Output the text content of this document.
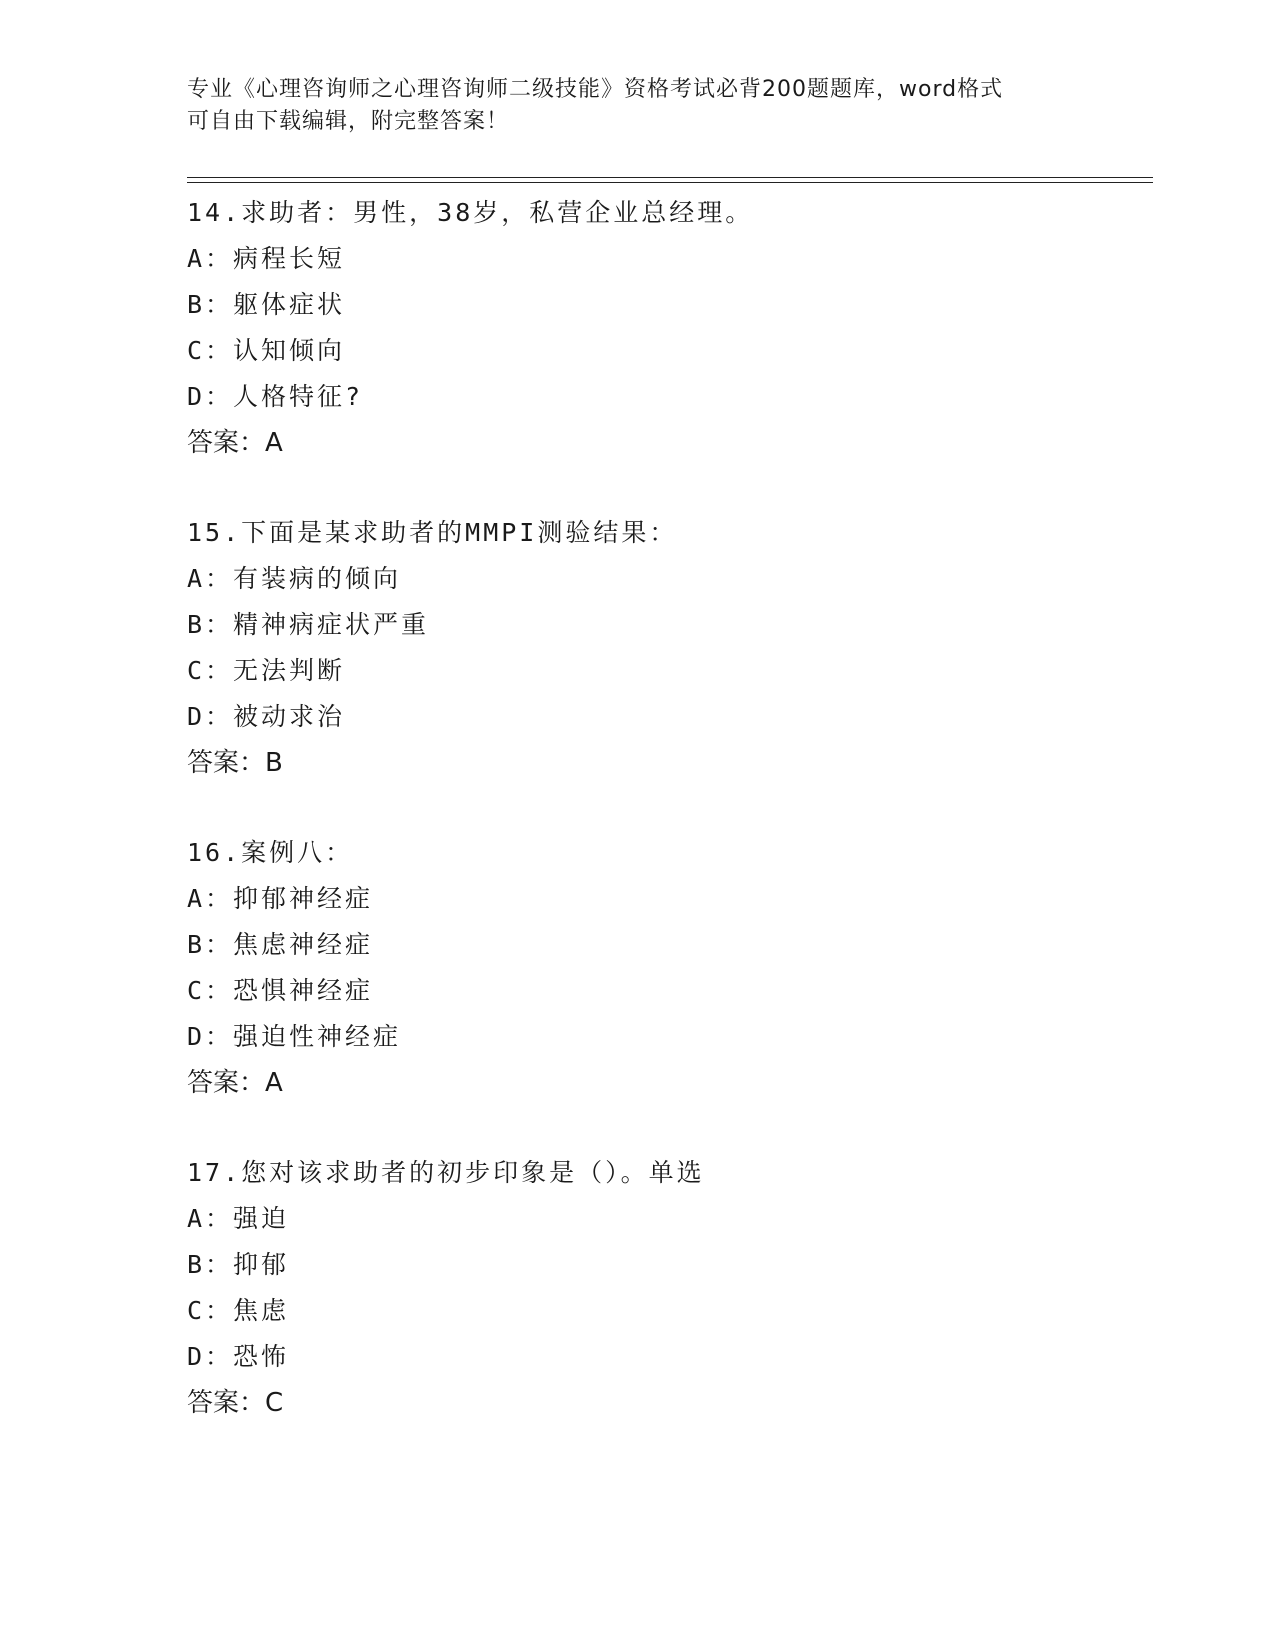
专业《心理咨询师之心理咨询师二级技能》资格考试必背200题题库，word格式
可自由下载编辑，附完整答案！
14.求助者：男性，38岁，私营企业总经理。
A：病程长短
B：躯体症状
C：认知倾向
D：人格特征?
答案：A
15.下面是某求助者的MMPI测验结果：
A：有装病的倾向
B：精神病症状严重
C：无法判断
D：被动求治
答案：B
16.案例八：
A：抑郁神经症
B：焦虑神经症
C：恐惧神经症
D：强迫性神经症
答案：A
17.您对该求助者的初步印象是（）。单选
A：强迫
B：抑郁
C：焦虑
D：恐怖
答案：C
